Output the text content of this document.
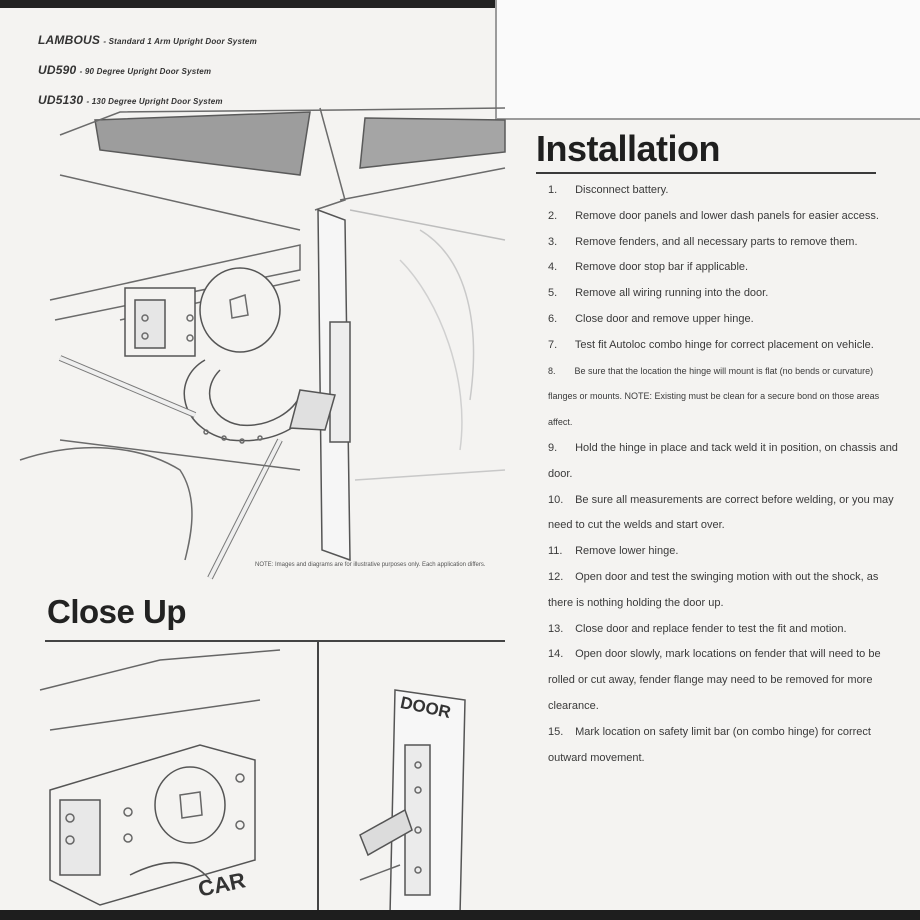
LAMBOUS - Standard 1 Arm Upright Door System
UD590 - 90 Degree Upright Door System
UD5130 - 130 Degree Upright Door System
NOTE: Images and diagrams are for illustrative purposes only. Each application differs.
Close Up
DOOR
CAR
Installation
1. Disconnect battery.
2. Remove door panels and lower dash panels for easier access.
3. Remove fenders, and all necessary parts to remove them.
4. Remove door stop bar if applicable.
5. Remove all wiring running into the door.
6. Close door and remove upper hinge.
7. Test fit Autoloc combo hinge for correct placement on vehicle.
8. Be sure that the location the hinge will mount is flat (no bends or curvature) flanges or mounts. NOTE: Existing must be clean for a secure bond on those areas affect.
9. Hold the hinge in place and tack weld it in position, on chassis and door.
10. Be sure all measurements are correct before welding, or you may need to cut the welds and start over.
11. Remove lower hinge.
12. Open door and test the swinging motion with out the shock, as there is nothing holding the door up.
13. Close door and replace fender to test the fit and motion.
14. Open door slowly, mark locations on fender that will need to be rolled or cut away, fender flange may need to be removed for more clearance.
15. Mark location on safety limit bar (on combo hinge) for correct outward movement.
